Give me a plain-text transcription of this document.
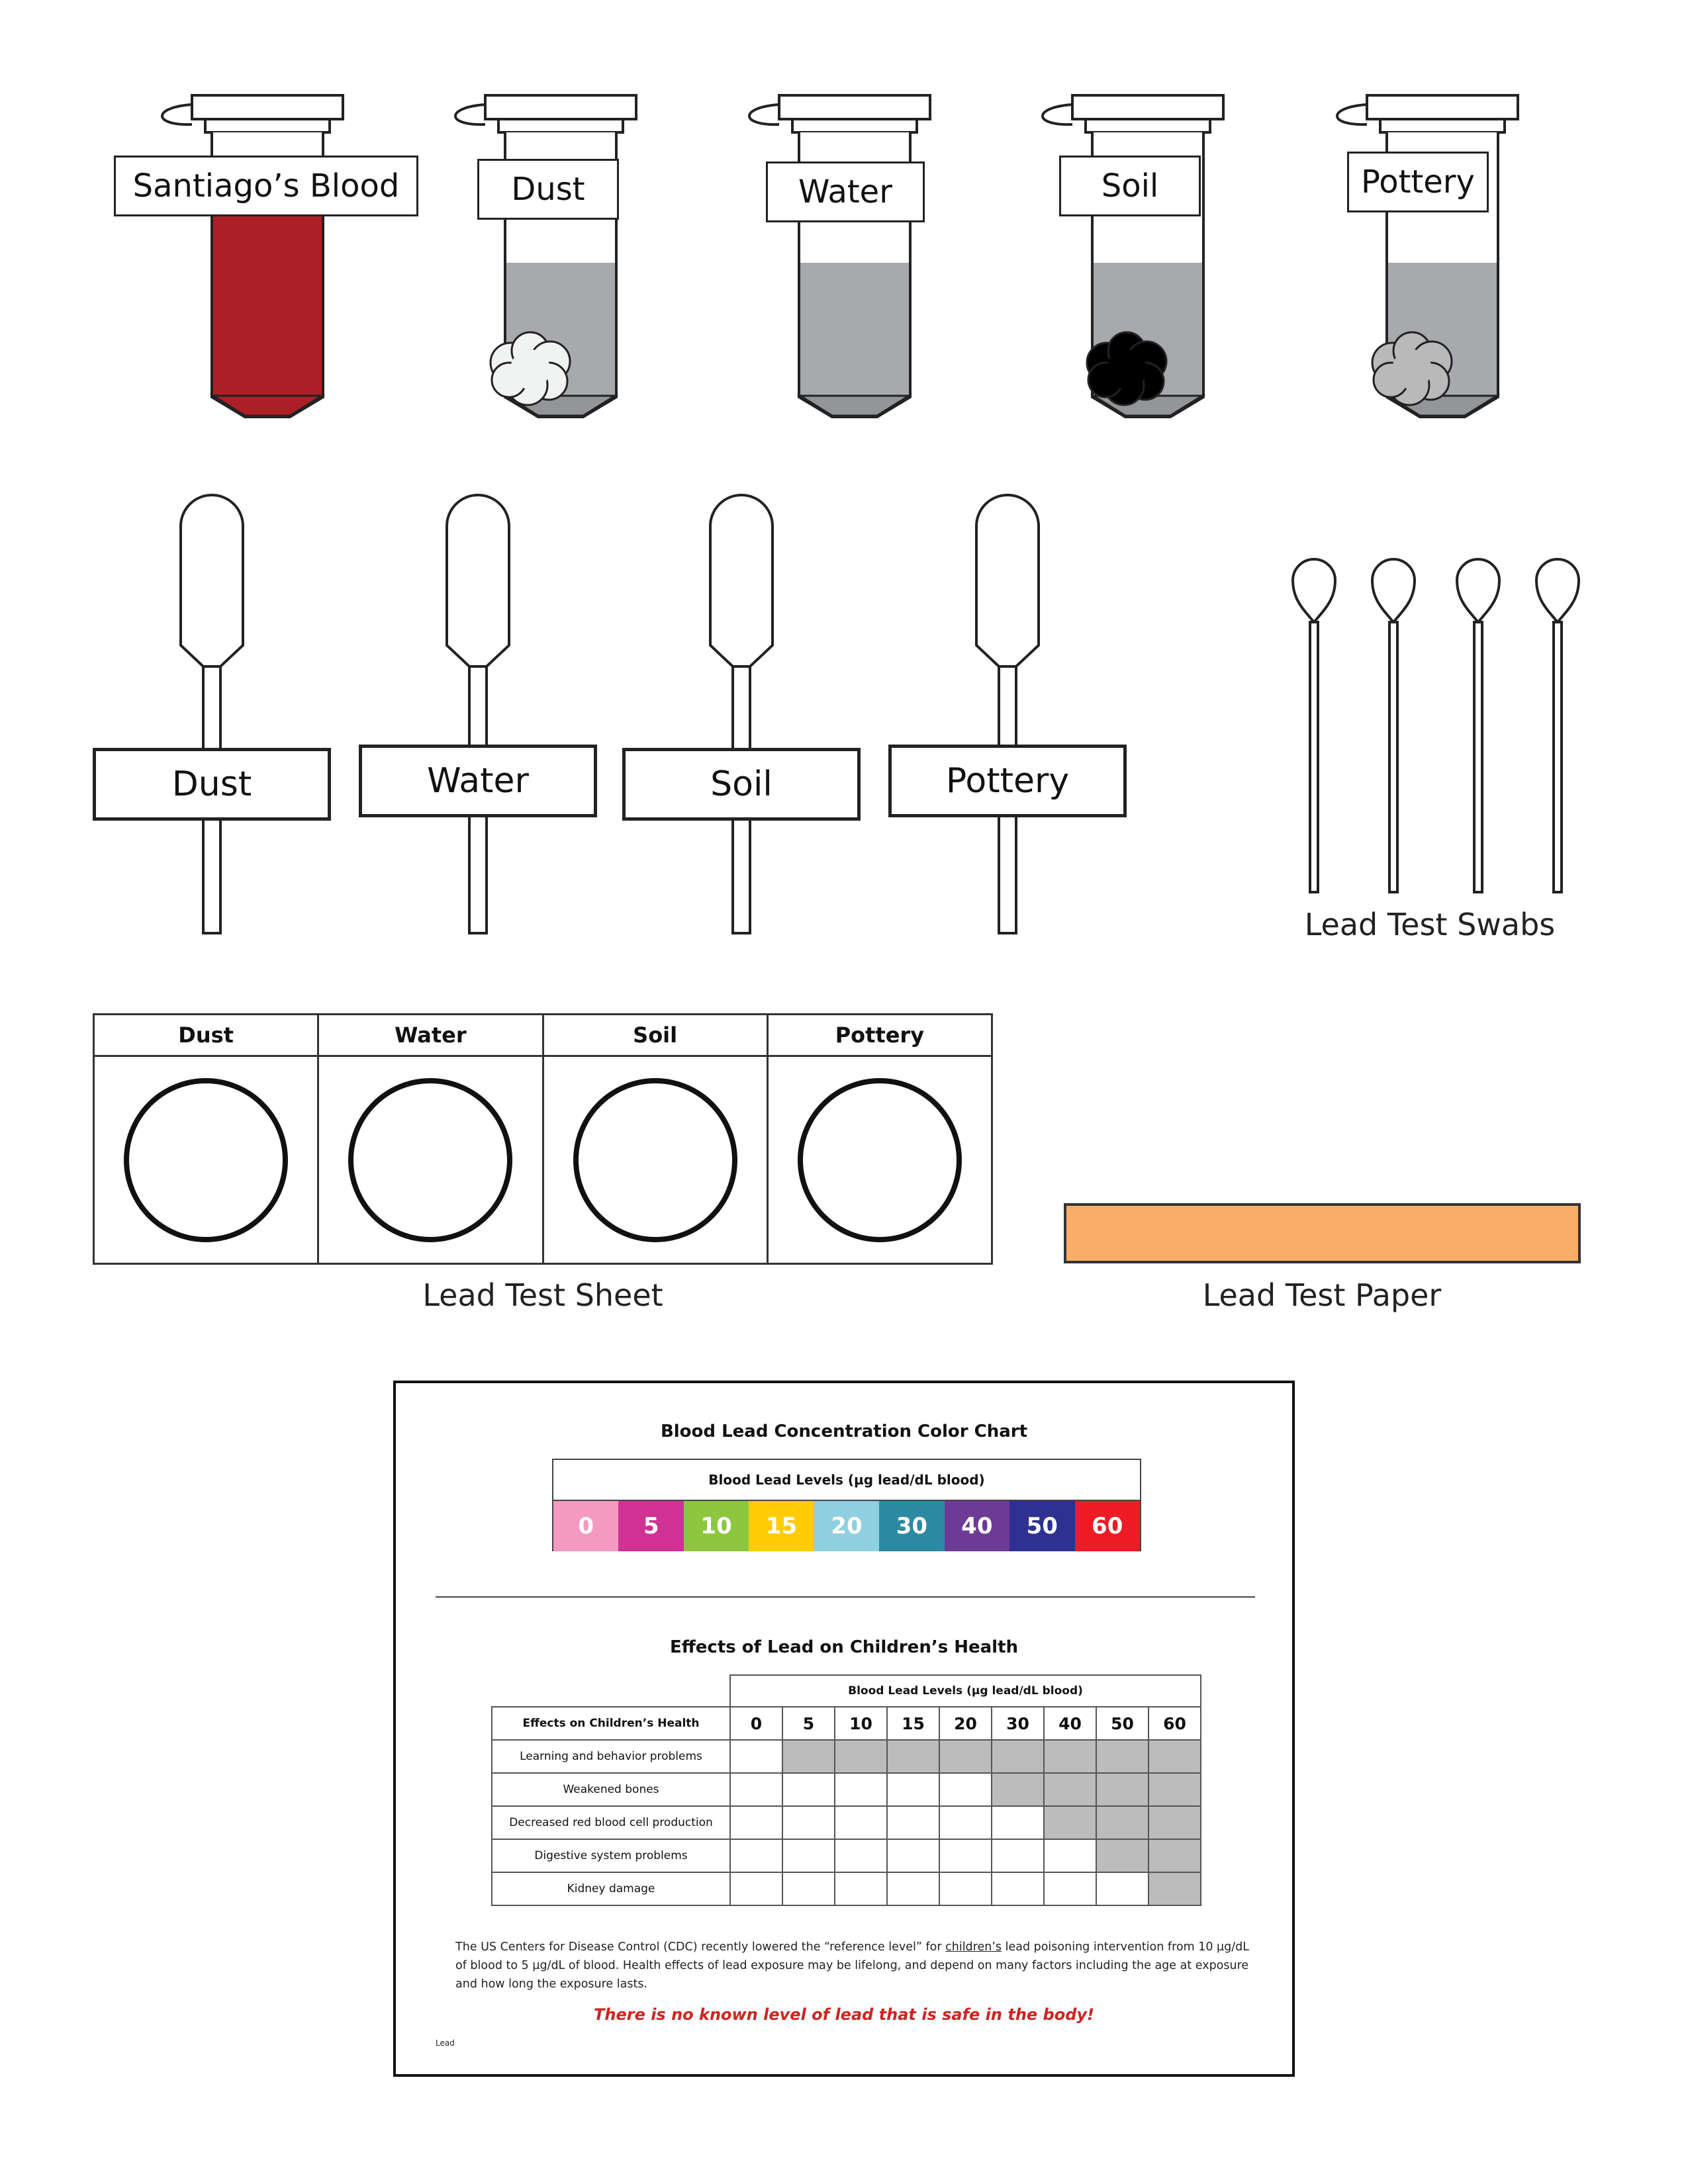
Santiago’s Blood	Dust	Water	Soil	Pottery
Dust	Water	Soil	Pottery
Lead Test Swabs
Dust	Water	Soil	Pottery
Lead Test Sheet	Lead Test Paper
Blood Lead Concentration Color Chart
Blood Lead Levels (µg lead/dL blood)
0	5	10	15	20	30	40	50	60
Effects of Lead on Children’s Health
	Blood Lead Levels (µg lead/dL blood)								
Effects on Children’s Health	0	5	10	15	20	30	40	50	60
Learning and behavior problems									
Weakened bones									
Decreased red blood cell production									
Digestive system problems									
Kidney damage									
The US Centers for Disease Control (CDC) recently lowered the “reference level” for children’s lead poisoning intervention from 10 µg/dL of blood to 5 µg/dL of blood. Health effects of lead exposure may be lifelong, and depend on many factors including the age at exposure and how long the exposure lasts.
There is no known level of lead that is safe in the body!
Lead
